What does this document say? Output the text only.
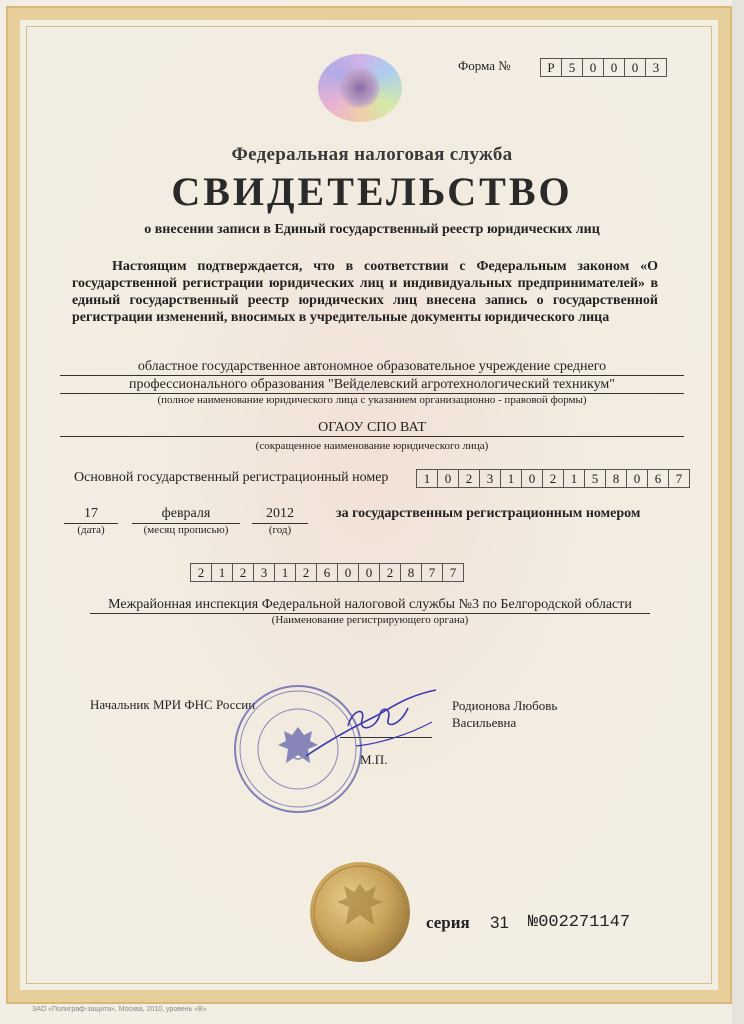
Форма №	Р	5	0	0	0	3
Федеральная налоговая служба
СВИДЕТЕЛЬСТВО
о внесении записи в Единый государственный реестр юридических лиц
Настоящим подтверждается, что в соответствии с Федеральным законом «О государственной регистрации юридических лиц и индивидуальных предпринимателей» в единый государственный реестр юридических лиц внесена запись о государственной регистрации изменений, вносимых в учредительные документы юридического лица
областное государственное автономное образовательное учреждение среднего
профессионального образования "Вейделевский агротехнологический техникум"
(полное наименование юридического лица с указанием организационно - правовой формы)
ОГАОУ СПО ВАТ
(сокращенное наименование юридического лица)
Основной государственный регистрационный номер	1	0	2	3	1	0	2	1	5	8	0	6	7
17
(дата)
февраля
(месяц прописью)
2012
(год)
за государственным регистрационным номером
2	1	2	3	1	2	6	0	0	2	8	7	7
Межрайонная инспекция Федеральной налоговой службы №3 по Белгородской области
(Наименование регистрирующего органа)
Начальник МРИ ФНС России	Родионова Любовь
Васильевна
М.П.
серия 31 №002271147
ЗАО «Полиграф-защита», Москва, 2010, уровень «В»
